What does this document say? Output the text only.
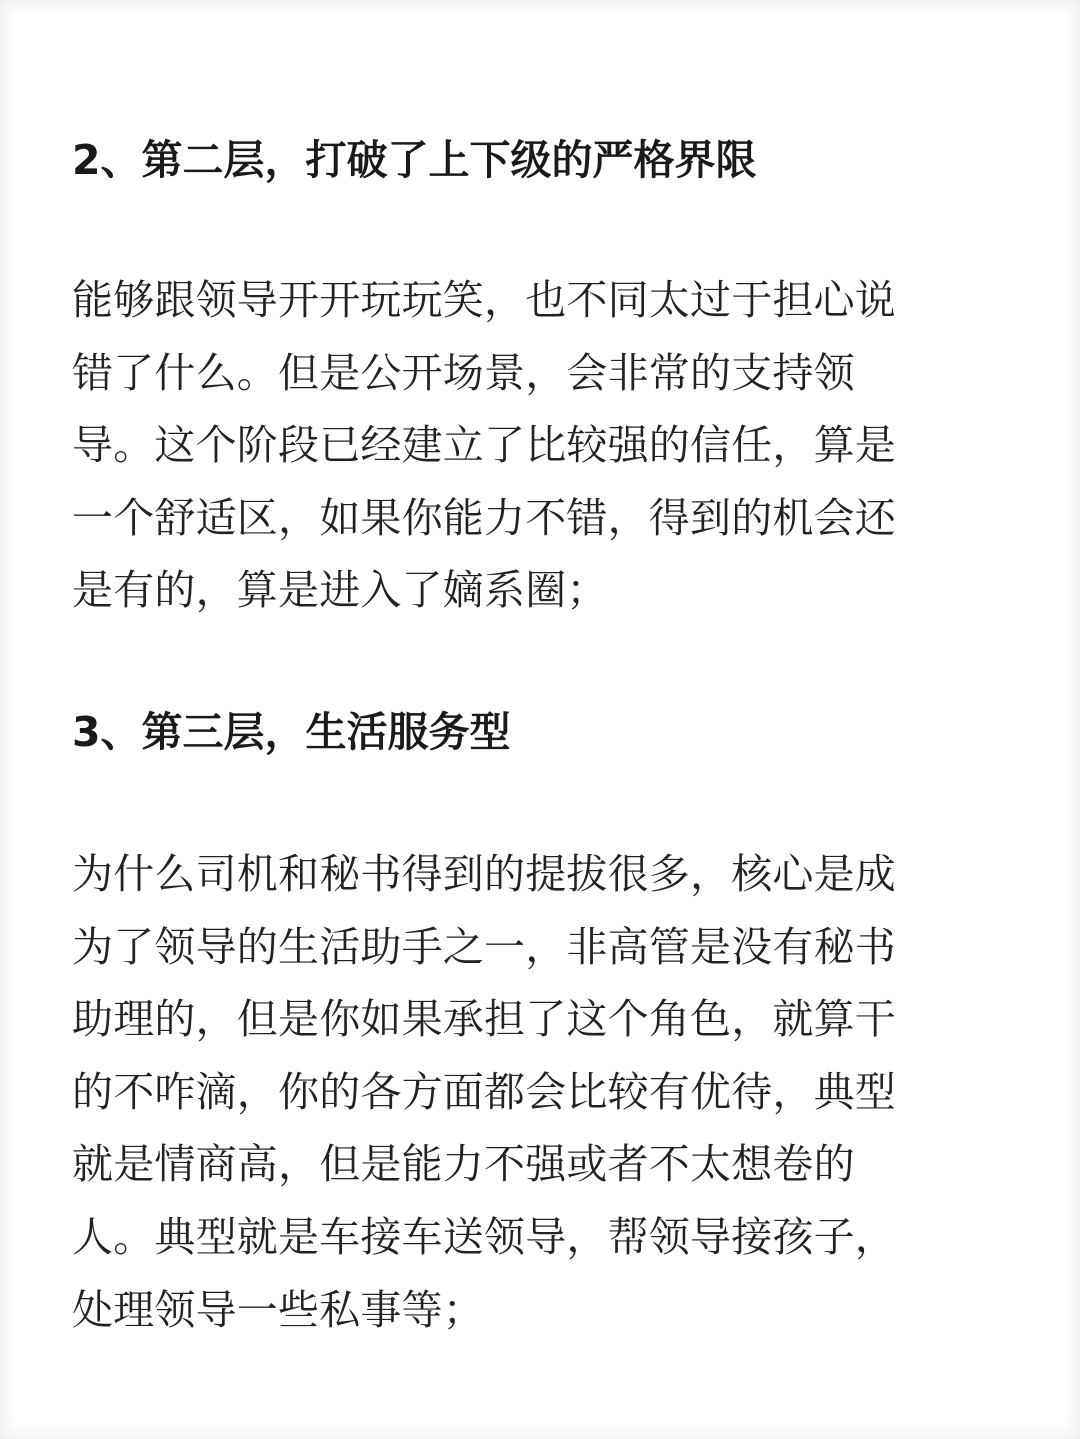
2、第二层，打破了上下级的严格界限
能够跟领导开开玩玩笑，也不同太过于担心说
错了什么。但是公开场景，会非常的支持领
导。这个阶段已经建立了比较强的信任，算是
一个舒适区，如果你能力不错，得到的机会还
是有的，算是进入了嫡系圈；
3、第三层，生活服务型
为什么司机和秘书得到的提拔很多，核心是成
为了领导的生活助手之一，非高管是没有秘书
助理的，但是你如果承担了这个角色，就算干
的不咋滴，你的各方面都会比较有优待，典型
就是情商高，但是能力不强或者不太想卷的
人。典型就是车接车送领导，帮领导接孩子，
处理领导一些私事等；
